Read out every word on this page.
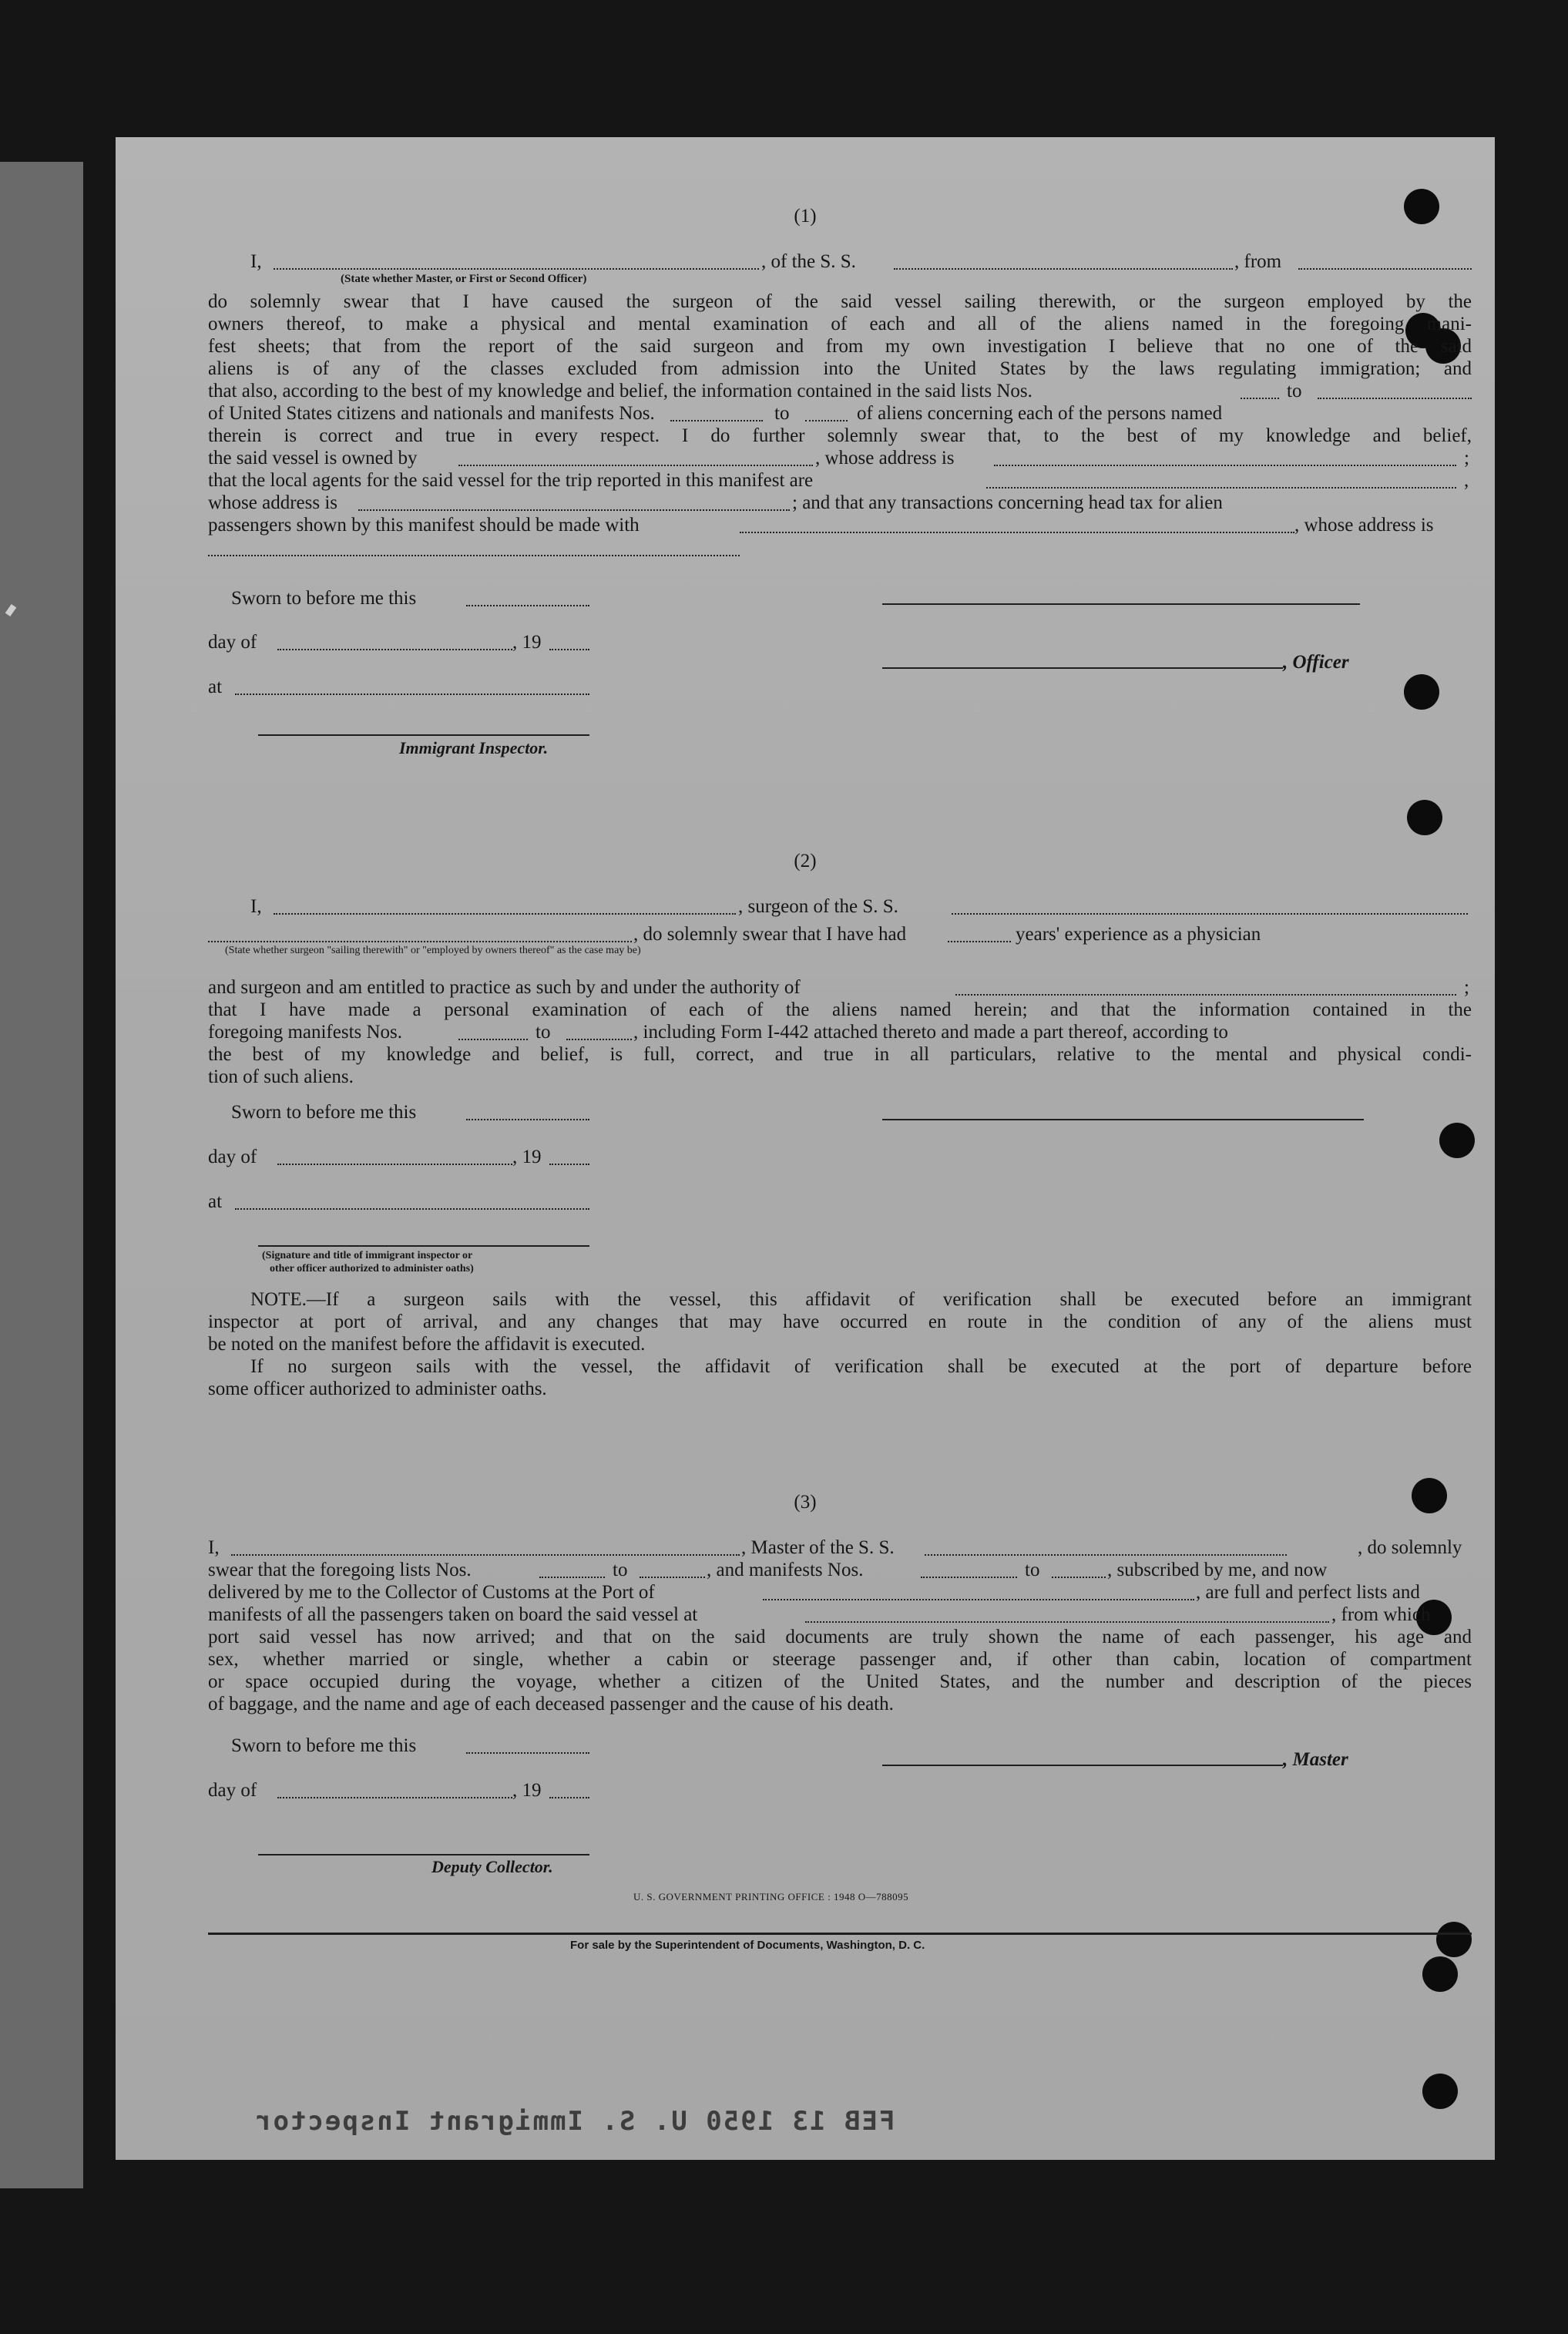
(1)
I,	, of the S. S.	, from
(State whether Master, or First or Second Officer)
do solemnly swear that I have caused the surgeon of the said vessel sailing therewith, or the surgeon employed by the
owners thereof, to make a physical and mental examination of each and all of the aliens named in the foregoing mani-
fest sheets; that from the report of the said surgeon and from my own investigation I believe that no one of the said
aliens is of any of the classes excluded from admission into the United States by the laws regulating immigration; and
that also, according to the best of my knowledge and belief, the information contained in the said lists Nos.	to
of United States citizens and nationals and manifests Nos.	to	of aliens concerning each of the persons named
therein is correct and true in every respect. I do further solemnly swear that, to the best of my knowledge and belief,
the said vessel is owned by	, whose address is	;
that the local agents for the said vessel for the trip reported in this manifest are	,
whose address is	; and that any transactions concerning head tax for alien
passengers shown by this manifest should be made with	, whose address is
Sworn to before me this
day of	, 19
, Officer
at
Immigrant Inspector.
(2)
I,	, surgeon of the S. S.
, do solemnly swear that I have had	years' experience as a physician
(State whether surgeon "sailing therewith" or "employed by owners thereof" as the case may be)
and surgeon and am entitled to practice as such by and under the authority of	;
that I have made a personal examination of each of the aliens named herein; and that the information contained in the
foregoing manifests Nos.	to	, including Form I-442 attached thereto and made a part thereof, according to
the best of my knowledge and belief, is full, correct, and true in all particulars, relative to the mental and physical condi-
tion of such aliens.
Sworn to before me this
day of	, 19
at
(Signature and title of immigrant inspector or
other officer authorized to administer oaths)
NOTE.—If a surgeon sails with the vessel, this affidavit of verification shall be executed before an immigrant
inspector at port of arrival, and any changes that may have occurred en route in the condition of any of the aliens must
be noted on the manifest before the affidavit is executed.
If no surgeon sails with the vessel, the affidavit of verification shall be executed at the port of departure before
some officer authorized to administer oaths.
(3)
I,	, Master of the S. S.	, do solemnly
swear that the foregoing lists Nos.	to	, and manifests Nos.	to	, subscribed by me, and now
delivered by me to the Collector of Customs at the Port of	, are full and perfect lists and
manifests of all the passengers taken on board the said vessel at	, from which
port said vessel has now arrived; and that on the said documents are truly shown the name of each passenger, his age and
sex, whether married or single, whether a cabin or steerage passenger and, if other than cabin, location of compartment
or space occupied during the voyage, whether a citizen of the United States, and the number and description of the pieces
of baggage, and the name and age of each deceased passenger and the cause of his death.
Sworn to before me this
, Master
day of	, 19
Deputy Collector.
U. S. GOVERNMENT PRINTING OFFICE : 1948 O—788095
For sale by the Superintendent of Documents, Washington, D. C.
FEB 13 1950 U. S. Immigrant Inspector
